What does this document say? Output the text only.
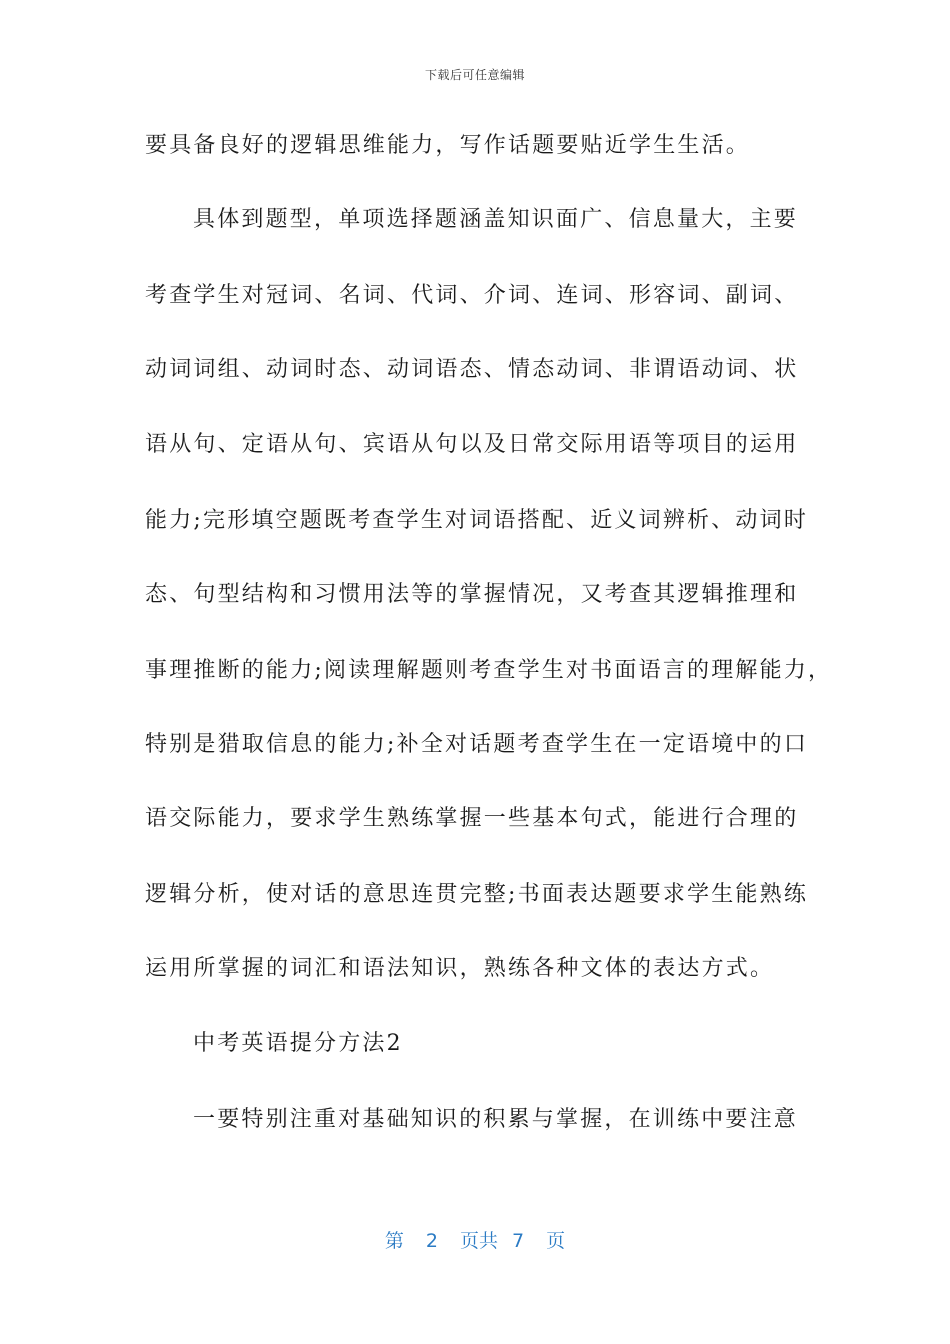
下载后可任意编辑
要具备良好的逻辑思维能力，写作话题要贴近学生生活。
具体到题型，单项选择题涵盖知识面广、信息量大，主要
考查学生对冠词、名词、代词、介词、连词、形容词、副词、
动词词组、动词时态、动词语态、情态动词、非谓语动词、状
语从句、定语从句、宾语从句以及日常交际用语等项目的运用
能力;完形填空题既考查学生对词语搭配、近义词辨析、动词时
态、句型结构和习惯用法等的掌握情况，又考查其逻辑推理和
事理推断的能力;阅读理解题则考查学生对书面语言的理解能力，
特别是猎取信息的能力;补全对话题考查学生在一定语境中的口
语交际能力，要求学生熟练掌握一些基本句式，能进行合理的
逻辑分析，使对话的意思连贯完整;书面表达题要求学生能熟练
运用所掌握的词汇和语法知识，熟练各种文体的表达方式。
中考英语提分方法2
一要特别注重对基础知识的积累与掌握，在训练中要注意
第 2 页共 7 页
